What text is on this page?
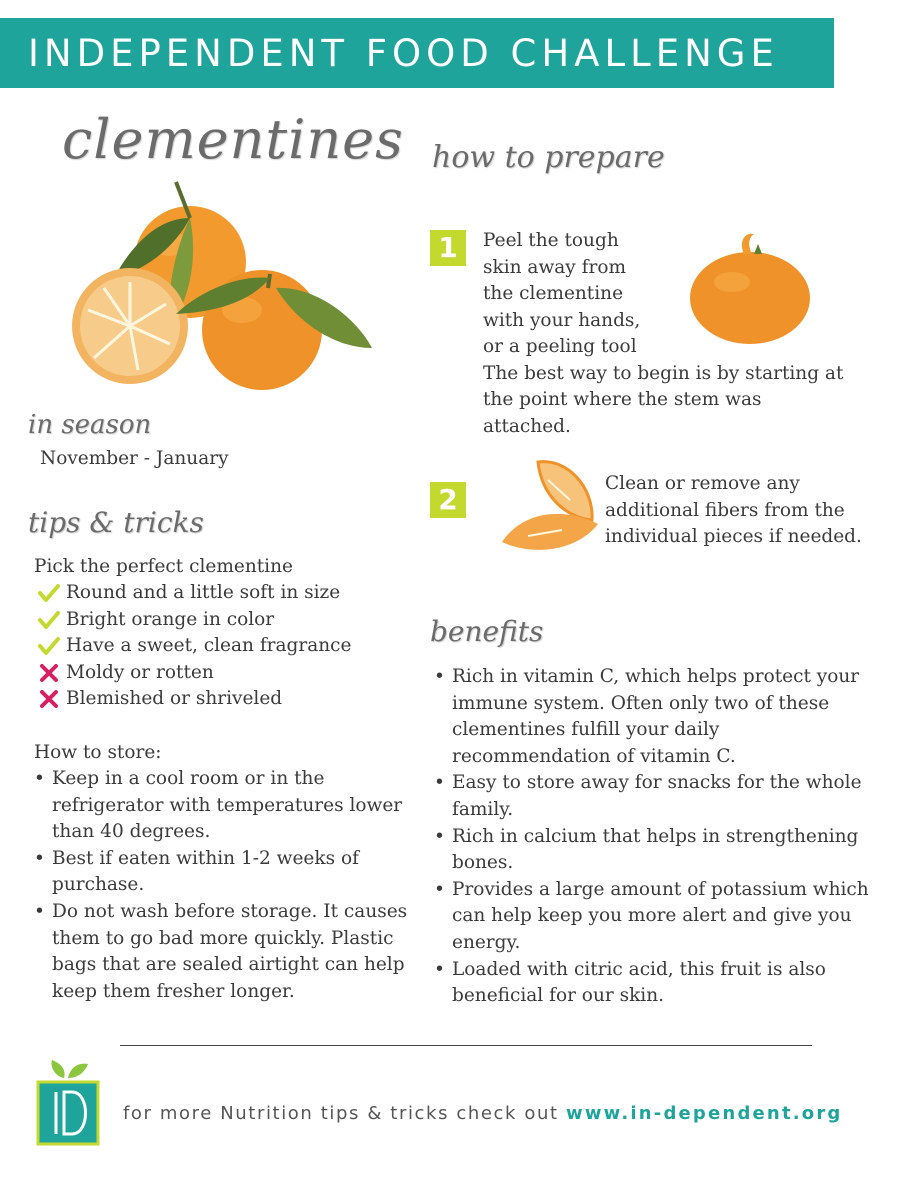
INDEPENDENT FOOD CHALLENGE
clementines
in season

November - January

tips & tricks

Pick the perfect clementine

Round and a little soft in size
Bright orange in color
Have a sweet, clean fragrance
Moldy or rotten
Blemished or shriveled

How to store:

• Keep in a cool room or in the refrigerator with temperatures lower than 40 degrees.
• Best if eaten within 1-2 weeks of purchase.
• Do not wash before storage. It causes them to go bad more quickly. Plastic bags that are sealed airtight can help keep them fresher longer.
how to prepare
1	Peel the tough
skin away from
the clementine
with your hands,
or a peeling tool
The best way to begin is by starting at the point where the stem was attached.
2	Clean or remove any additional fibers from the individual pieces if needed.

benefits
• Rich in vitamin C, which helps protect your immune system. Often only two of these clementines fulfill your daily recommendation of vitamin C.
• Easy to store away for snacks for the whole family.
• Rich in calcium that helps in strengthening bones.
• Provides a large amount of potassium which can help keep you more alert and give you energy.
• Loaded with citric acid, this fruit is also beneficial for our skin.

for more Nutrition tips & tricks check out www.in-dependent.org
